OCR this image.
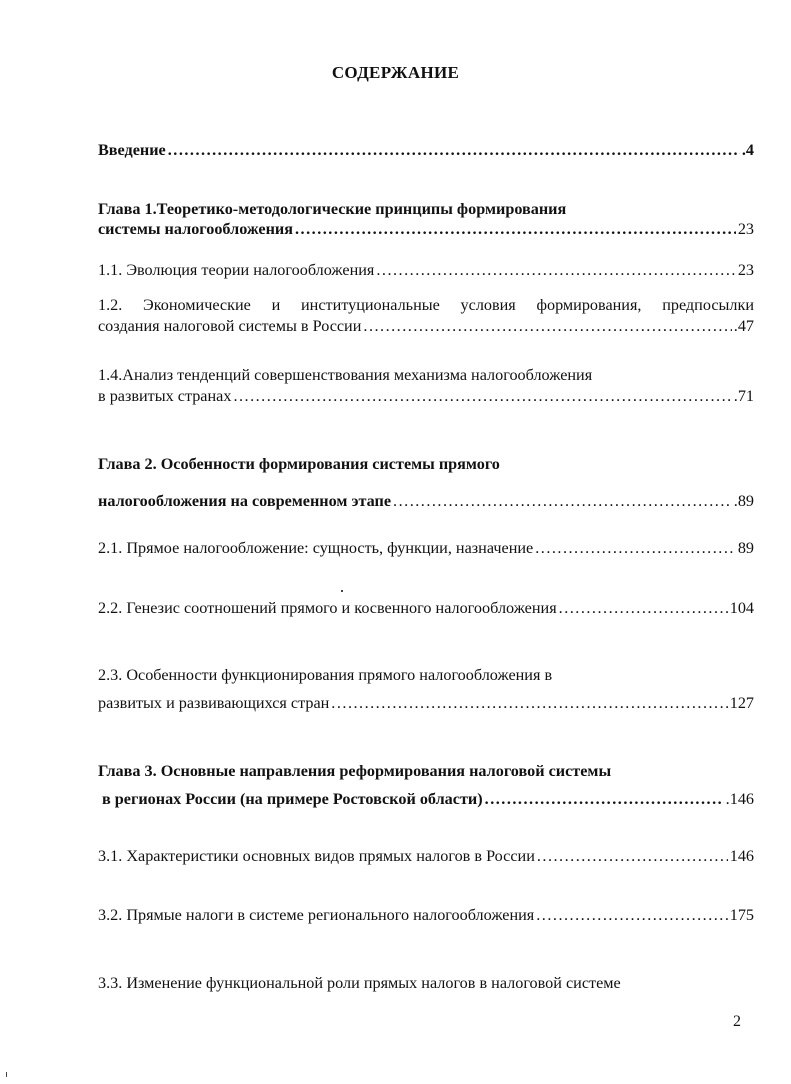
СОДЕРЖАНИЕ
Введение .....	.4
Глава 1.Теоретико-методологические принципы формирования
системы налогообложения .....	23
1.1. Эволюция теории налогообложения .....	23
1.2. Экономические и институциональные условия формирования, предпосылки
создания налоговой системы в России .....	.47
1.4.Анализ тенденций совершенствования механизма налогообложения
в развитых странах .....	.71
Глава 2. Особенности формирования системы прямого
налогообложения на современном этапе .....	.89
2.1. Прямое налогообложение: сущность, функции, назначение .....	89
2.2. Генезис соотношений прямого и косвенного налогообложения .....	104
2.3. Особенности функционирования прямого налогообложения в
развитых и развивающихся стран .....	127
Глава 3. Основные направления реформирования налоговой системы
в регионах России (на примере Ростовской области) .....	.146
3.1. Характеристики основных видов прямых налогов в России .....	146
3.2. Прямые налоги в системе регионального налогообложения .....	175
3.3. Изменение функциональной роли прямых налогов в налоговой системе
2
